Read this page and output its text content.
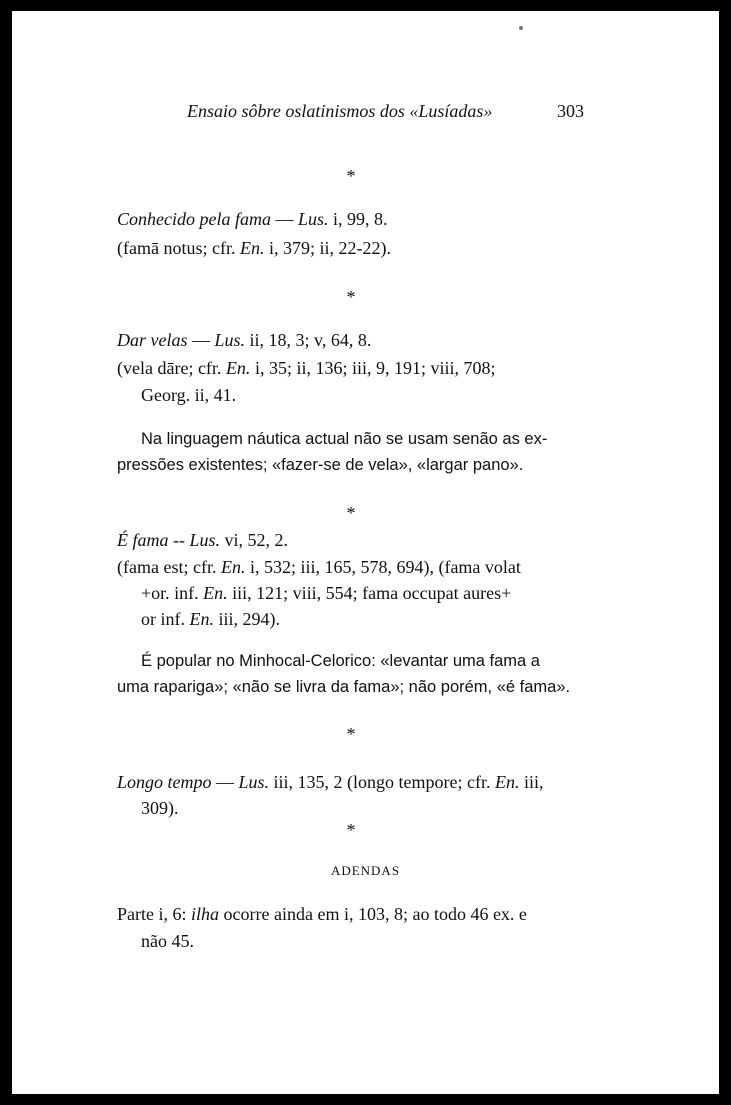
Ensaio sôbre oslatinismos dos «Lusíadas»	303
*
Conhecido pela fama — Lus. i, 99, 8.
(famā notus; cfr. En. i, 379; ii, 22-22).
*
Dar velas — Lus. ii, 18, 3; v, 64, 8.
(vela dāre; cfr. En. i, 35; ii, 136; iii, 9, 191; viii, 708;
Georg. ii, 41.
Na linguagem náutica actual não se usam senão as ex-
pressões existentes; «fazer-se de vela», «largar pano».
*
É fama -- Lus. vi, 52, 2.
(fama est; cfr. En. i, 532; iii, 165, 578, 694), (fama volat
+or. inf. En. iii, 121; viii, 554; fama occupat aures+
or inf. En. iii, 294).
É popular no Minhocal-Celorico: «levantar uma fama a
uma rapariga»; «não se livra da fama»; não porém, «é fama».
*
Longo tempo — Lus. iii, 135, 2 (longo tempore; cfr. En. iii,
309).
*
ADENDAS
Parte i, 6: ilha ocorre ainda em i, 103, 8; ao todo 46 ex. e
não 45.
